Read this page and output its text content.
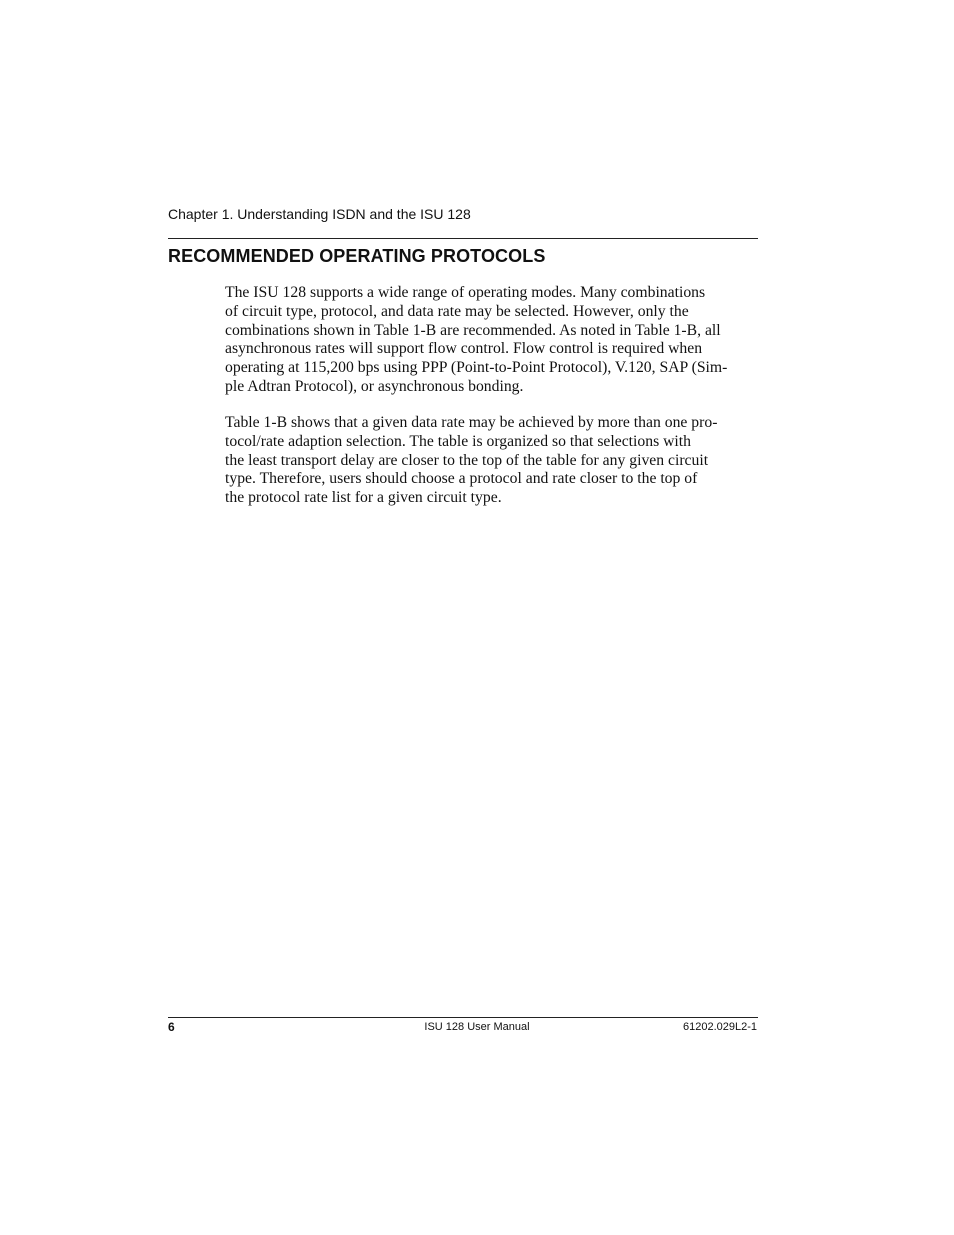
Chapter 1. Understanding ISDN and the ISU 128
RECOMMENDED OPERATING PROTOCOLS

The ISU 128 supports a wide range of operating modes. Many combinations
of circuit type, protocol, and data rate may be selected. However, only the
combinations shown in Table 1-B are recommended. As noted in Table 1-B, all
asynchronous rates will support flow control. Flow control is required when
operating at 115,200 bps using PPP (Point-to-Point Protocol), V.120, SAP (Sim-
ple Adtran Protocol), or asynchronous bonding.

Table 1-B shows that a given data rate may be achieved by more than one pro-
tocol/rate adaption selection. The table is organized so that selections with
the least transport delay are closer to the top of the table for any given circuit
type. Therefore, users should choose a protocol and rate closer to the top of
the protocol rate list for a given circuit type.

6	ISU 128 User Manual	61202.029L2-1
